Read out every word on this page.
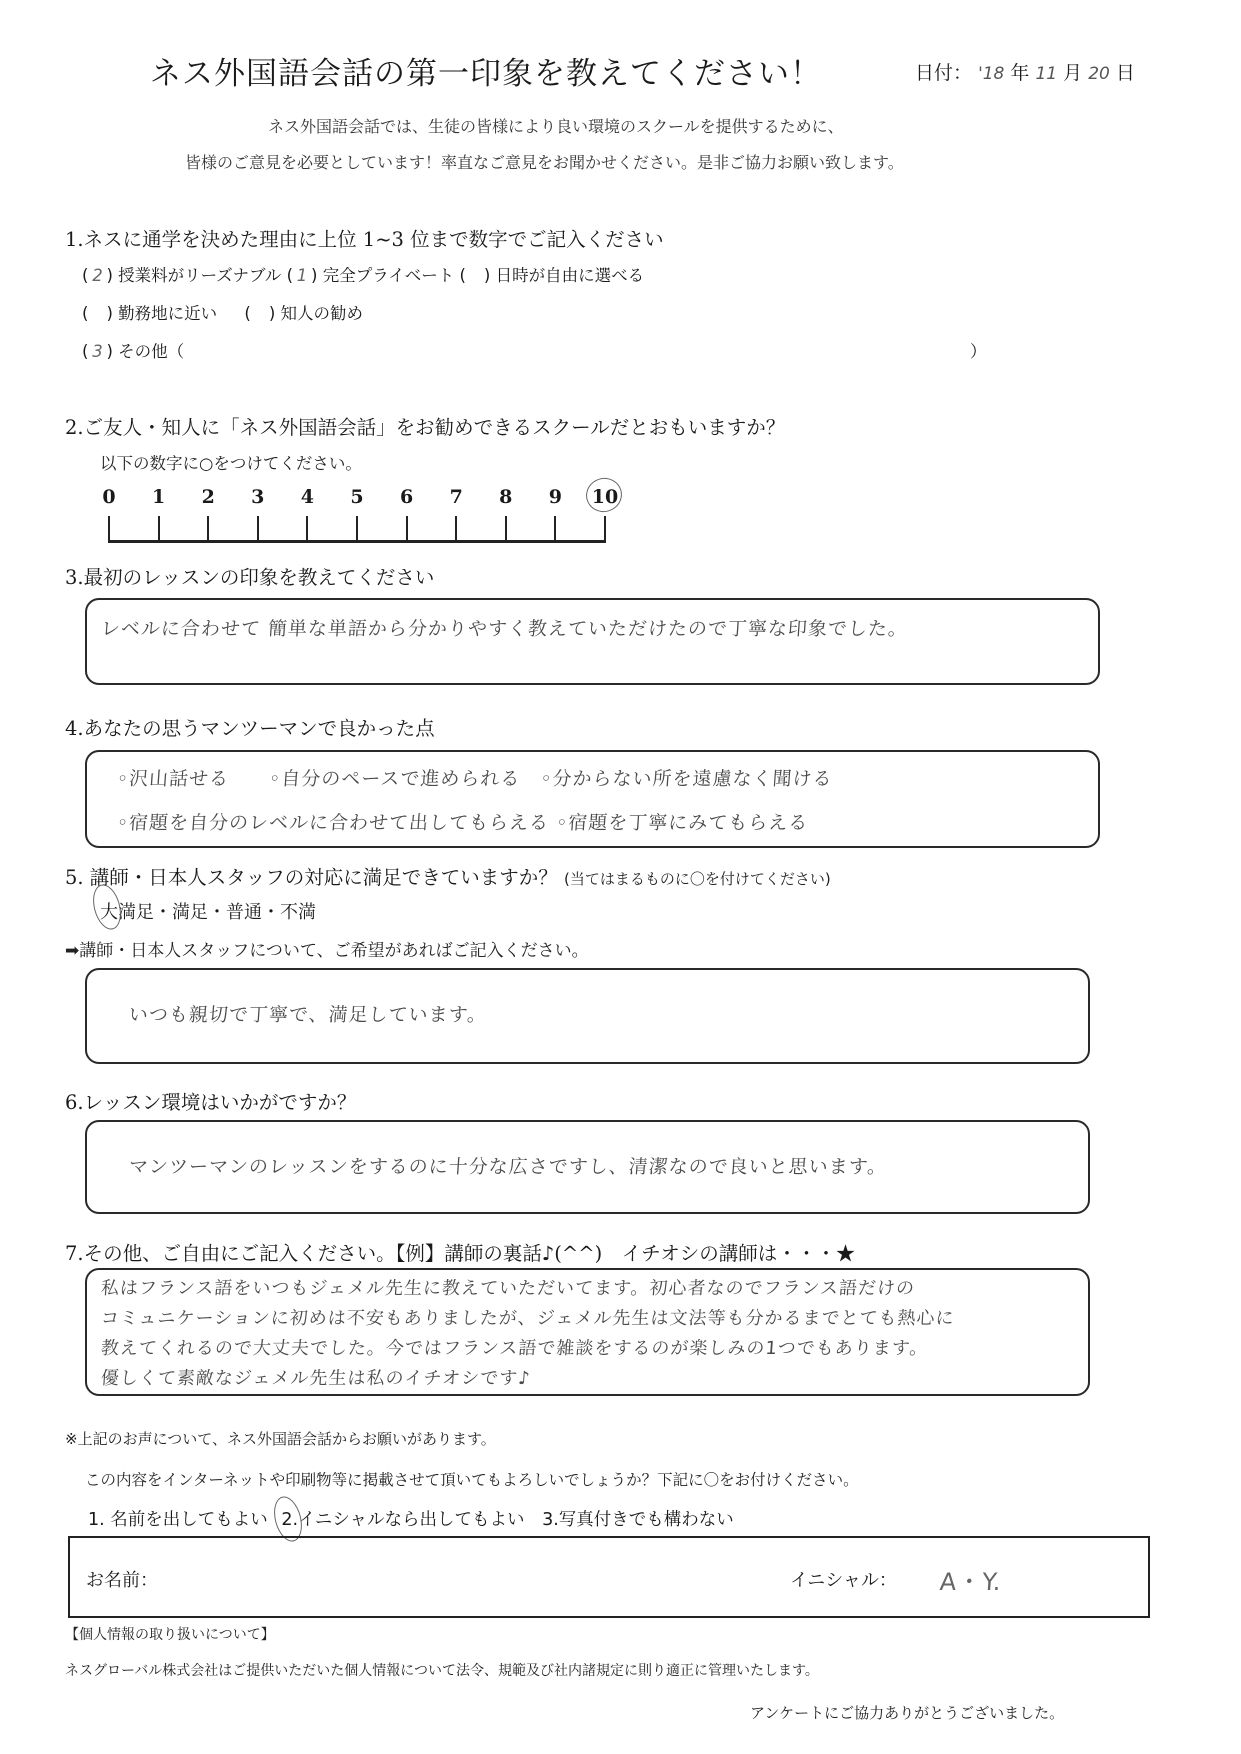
ネス外国語会話の第一印象を教えてください！	日付： '18 年 11 月 20 日
ネス外国語会話では、生徒の皆様により良い環境のスクールを提供するために、
皆様のご意見を必要としています！率直なご意見をお聞かせください。是非ご協力お願い致します。
1.ネスに通学を決めた理由に上位 1~3 位まで数字でご記入ください
( 2 ) 授業料がリーズナブル ( 1 ) 完全プライベート ( ) 日時が自由に選べる
( ) 勤務地に近い ( ) 知人の勧め
( 3 ) その他（	）
2.ご友人・知人に「ネス外国語会話」をお勧めできるスクールだとおもいますか？
以下の数字に○をつけてください。
0	1	2	3	4	5	6	7	8	9	10
3.最初のレッスンの印象を教えてください
レベルに合わせて 簡単な単語から分かりやすく教えていただけたので丁寧な印象でした。
4.あなたの思うマンツーマンで良かった点
◦沢山話せる　　◦自分のペースで進められる　◦分からない所を遠慮なく聞ける
◦宿題を自分のレベルに合わせて出してもらえる ◦宿題を丁寧にみてもらえる
5. 講師・日本人スタッフの対応に満足できていますか？ (当てはまるものに〇を付けてください)
大満足
・満足・普通・不満
➡講師・日本人スタッフについて、ご希望があればご記入ください。
いつも親切で丁寧で、満足しています。
6.レッスン環境はいかがですか？
マンツーマンのレッスンをするのに十分な広さですし、清潔なので良いと思います。
7.その他、ご自由にご記入ください。【例】講師の裏話♪(^^)　イチオシの講師は・・・★
私はフランス語をいつもジェメル先生に教えていただいてます。初心者なのでフランス語だけの
コミュニケーションに初めは不安もありましたが、ジェメル先生は文法等も分かるまでとても熱心に
教えてくれるので大丈夫でした。今ではフランス語で雑談をするのが楽しみの1つでもあります。
優しくて素敵なジェメル先生は私のイチオシです♪
※上記のお声について、ネス外国語会話からお願いがあります。
この内容をインターネットや印刷物等に掲載させて頂いてもよろしいでしょうか？下記に〇をお付けください。
1. 名前を出してもよい 2.イニシャルなら出してもよい 3.写真付きでも構わない
お名前：	イニシャル： A・Y.
【個人情報の取り扱いについて】
ネスグローバル株式会社はご提供いただいた個人情報について法令、規範及び社内諸規定に則り適正に管理いたします。
アンケートにご協力ありがとうございました。
